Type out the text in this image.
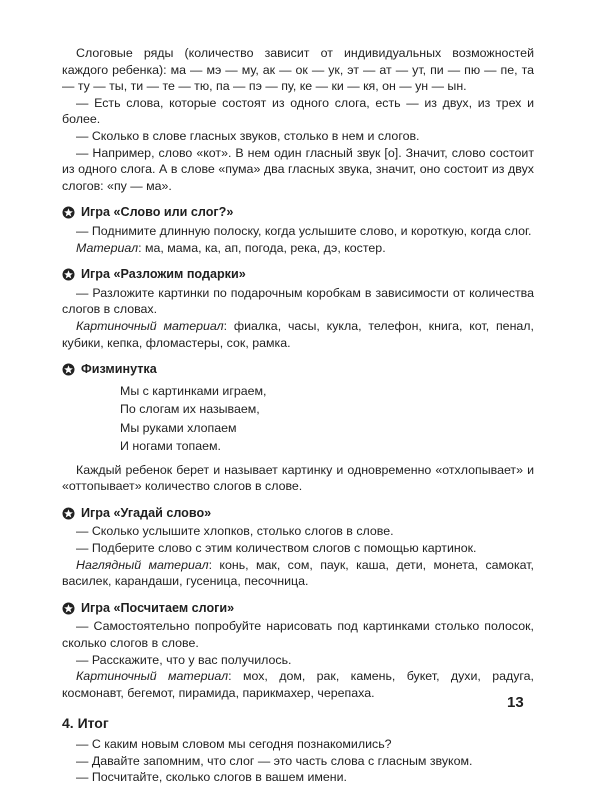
Слоговые ряды (количество зависит от индивидуальных возможностей каждого ребенка): ма — мэ — му, ак — ок — ук, эт — ат — ут, пи — пю — пе, та — ту — ты, ти — те — тю, па — пэ — пу, ке — ки — кя, он — ун — ын.

— Есть слова, которые состоят из одного слога, есть — из двух, из трех и более.

— Сколько в слове гласных звуков, столько в нем и слогов.

— Например, слово «кот». В нем один гласный звук [о]. Значит, слово состоит из одного слога. А в слове «пума» два гласных звука, значит, оно состоит из двух слогов: «пу — ма».

Игра «Слово или слог?»

— Поднимите длинную полоску, когда услышите слово, и короткую, когда слог.

Материал: ма, мама, ка, ап, погода, река, дэ, костер.

Игра «Разложим подарки»

— Разложите картинки по подарочным коробкам в зависимости от количества слогов в словах.

Картиночный материал: фиалка, часы, кукла, телефон, книга, кот, пенал, кубики, кепка, фломастеры, сок, рамка.

Физминутка
Мы с картинками играем,
По слогам их называем,
Мы руками хлопаем
И ногами топаем.

Каждый ребенок берет и называет картинку и одновременно «отхлопывает» и «оттопывает» количество слогов в слове.

Игра «Угадай слово»

— Сколько услышите хлопков, столько слогов в слове.

— Подберите слово с этим количеством слогов с помощью картинок.

Наглядный материал: конь, мак, сом, паук, каша, дети, монета, самокат, василек, карандаши, гусеница, песочница.

Игра «Посчитаем слоги»

— Самостоятельно попробуйте нарисовать под картинками столько полосок, сколько слогов в слове.

— Расскажите, что у вас получилось.

Картиночный материал: мох, дом, рак, камень, букет, духи, радуга, космонавт, бегемот, пирамида, парикмахер, черепаха.

4. Итог

— С каким новым словом мы сегодня познакомились?

— Давайте запомним, что слог — это часть слова с гласным звуком.

— Посчитайте, сколько слогов в вашем имени.

13
